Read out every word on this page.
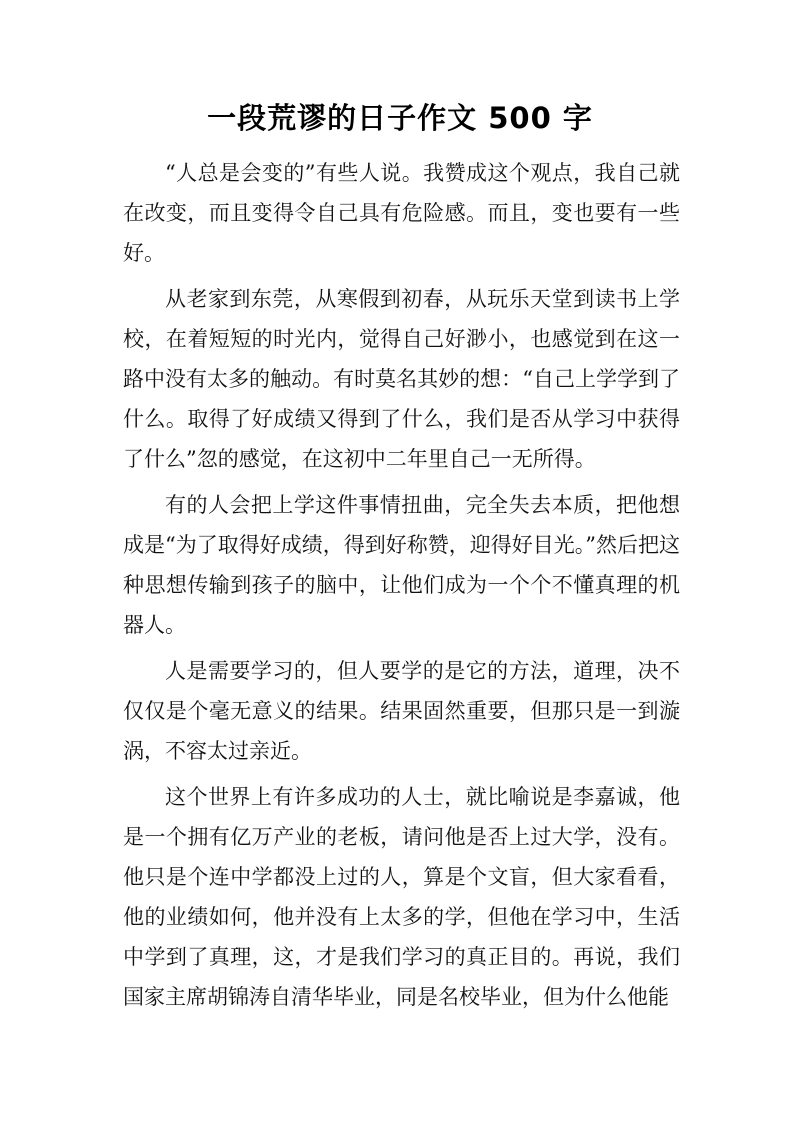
一段荒谬的日子作文 500 字

“人总是会变的”有些人说。我赞成这个观点，我自己就在改变，而且变得令自己具有危险感。而且，变也要有一些好。

从老家到东莞，从寒假到初春，从玩乐天堂到读书上学校，在着短短的时光内，觉得自己好渺小，也感觉到在这一路中没有太多的触动。有时莫名其妙的想：“自己上学学到了什么。取得了好成绩又得到了什么，我们是否从学习中获得了什么”忽的感觉，在这初中二年里自己一无所得。

有的人会把上学这件事情扭曲，完全失去本质，把他想成是“为了取得好成绩，得到好称赞，迎得好目光。”然后把这种思想传输到孩子的脑中，让他们成为一个个不懂真理的机器人。

人是需要学习的，但人要学的是它的方法，道理，决不仅仅是个毫无意义的结果。结果固然重要，但那只是一到漩涡，不容太过亲近。

这个世界上有许多成功的人士，就比喻说是李嘉诚，他是一个拥有亿万产业的老板，请问他是否上过大学，没有。他只是个连中学都没上过的人，算是个文盲，但大家看看，他的业绩如何，他并没有上太多的学，但他在学习中，生活中学到了真理，这，才是我们学习的真正目的。再说，我们国家主席胡锦涛自清华毕业，同是名校毕业，但为什么他能
